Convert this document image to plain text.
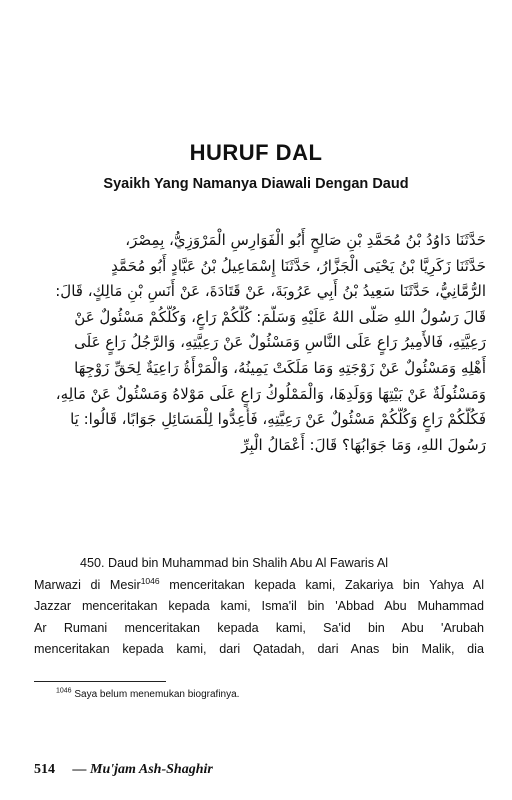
HURUF DAL
Syaikh Yang Namanya Diawali Dengan Daud
حَدَّثَنَا دَاوُدُ بْنُ مُحَمَّدِ بْنِ صَالِحٍ أَبُو الْفَوَارِسِ الْمَرْوَزِيُّ، بِمِصْرَ،
حَدَّثَنَا زَكَرِيَّا بْنُ يَحْيَى الْجَزَّارُ، حَدَّثَنَا إِسْمَاعِيلُ بْنُ عَبَّادٍ أَبُو مُحَمَّدٍ
الرُّمَّانِيُّ، حَدَّثَنَا سَعِيدُ بْنُ أَبِي عَرُوبَةَ، عَنْ قَتَادَةَ، عَنْ أَنَسِ بْنِ مَالِكٍ، قَالَ:
قَالَ رَسُولُ اللهِ صَلَّى اللهُ عَلَيْهِ وَسَلَّمَ: كُلُّكُمْ رَاعٍ، وَكُلُّكُمْ مَسْئُولٌ عَنْ
رَعِيَّتِهِ، فَالأَمِيرُ رَاعٍ عَلَى النَّاسِ وَمَسْئُولٌ عَنْ رَعِيَّتِهِ، وَالرَّجُلُ رَاعٍ عَلَى
أَهْلِهِ وَمَسْئُولٌ عَنْ زَوْجَتِهِ وَمَا مَلَكَتْ يَمِينُهُ، وَالْمَرْأَةُ رَاعِيَةٌ لِحَقِّ زَوْجِهَا
وَمَسْئُولَةٌ عَنْ بَيْتِهَا وَوَلَدِهَا، وَالْمَمْلُوكُ رَاعٍ عَلَى مَوْلاهُ وَمَسْئُولٌ عَنْ مَالِهِ،
فَكُلُّكُمْ رَاعٍ وَكُلُّكُمْ مَسْئُولٌ عَنْ رَعِيَّتِهِ، فَأَعِدُّوا لِلْمَسَائِلِ جَوَابًا، قَالُوا: يَا
رَسُولَ اللهِ، وَمَا جَوَابُهَا؟ قَالَ: أَعْمَالُ الْبِرِّ
450. Daud bin Muhammad bin Shalih Abu Al Fawaris Al
Marwazi di Mesir$^{1046}$ menceritakan kepada kami, Zakariya bin Yahya Al
Jazzar menceritakan kepada kami, Isma'il bin 'Abbad Abu Muhammad
Ar Rumani menceritakan kepada kami, Sa'id bin Abu 'Arubah
menceritakan kepada kami, dari Qatadah, dari Anas bin Malik, dia
$^{1046}$ Saya belum menemukan biografinya.
514 — Mu'jam Ash-Shaghir
